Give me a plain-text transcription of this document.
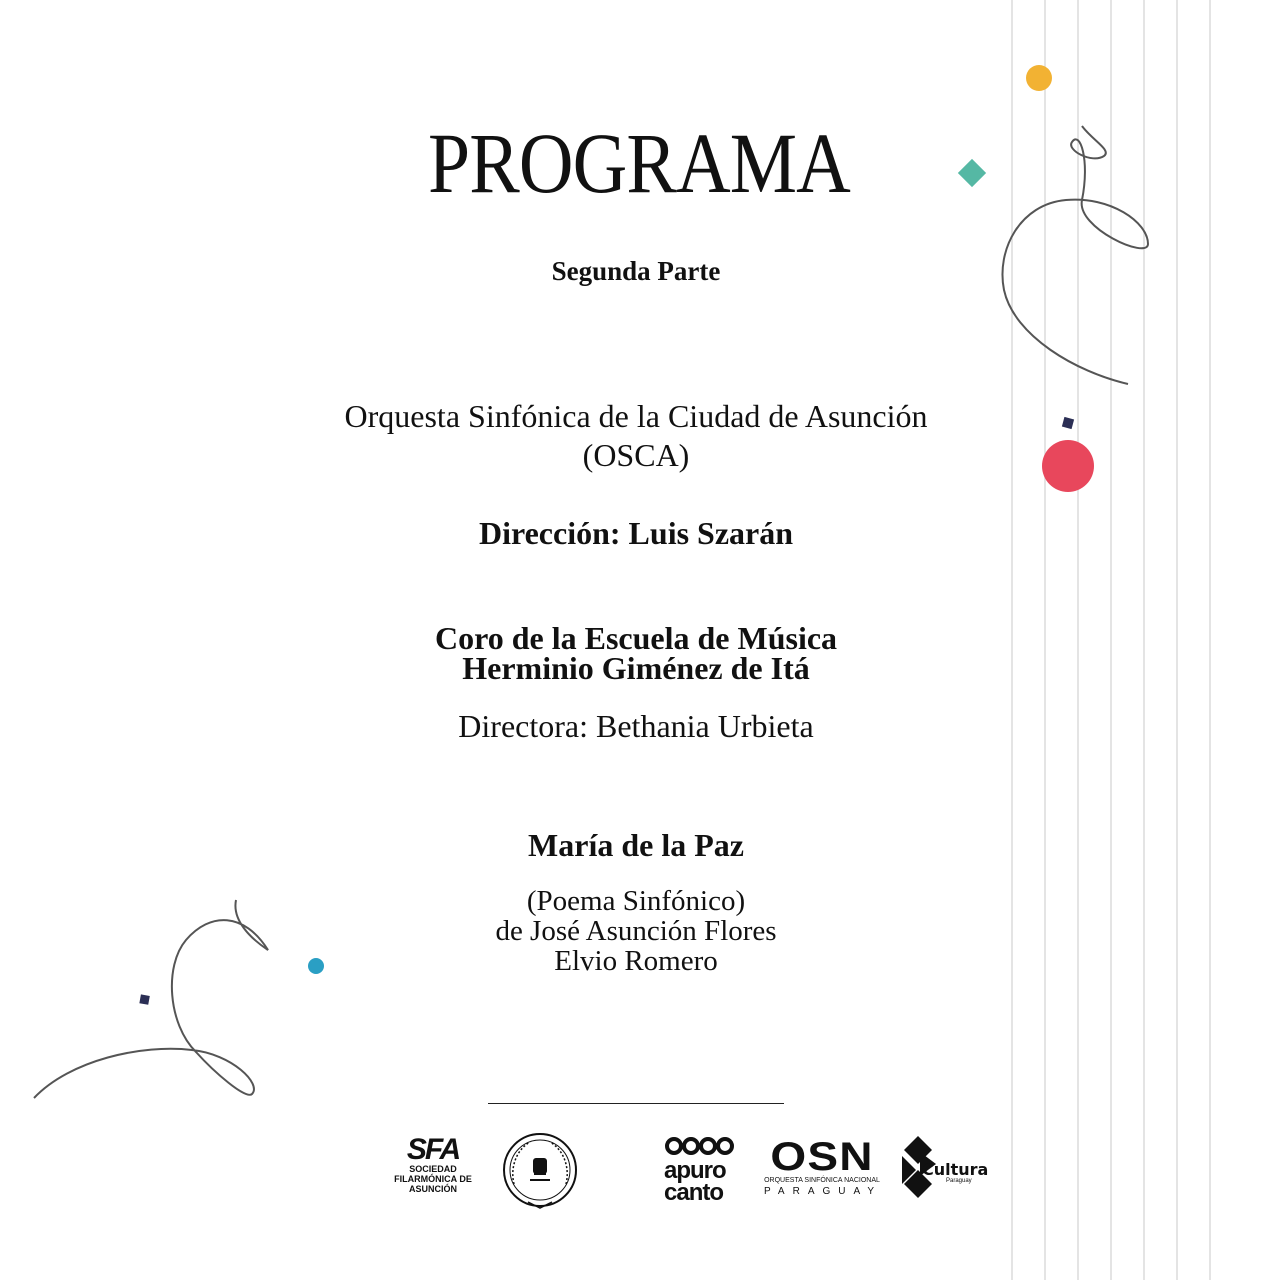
PROGRAMA
Segunda Parte
Orquesta Sinfónica de la Ciudad de Asunción
(OSCA)
Dirección: Luis Szarán
Coro de la Escuela de Música
Herminio Giménez de Itá
Directora: Bethania Urbieta
María de la Paz
(Poema Sinfónico)
de José Asunción Flores
Elvio Romero
SFA
SOCIEDAD
FILARMÓNICA DE
ASUNCIÓN
apuro
canto
OSN
ORQUESTA SINFÓNICA NACIONAL
PARAGUAY
Cultura
Paraguay
